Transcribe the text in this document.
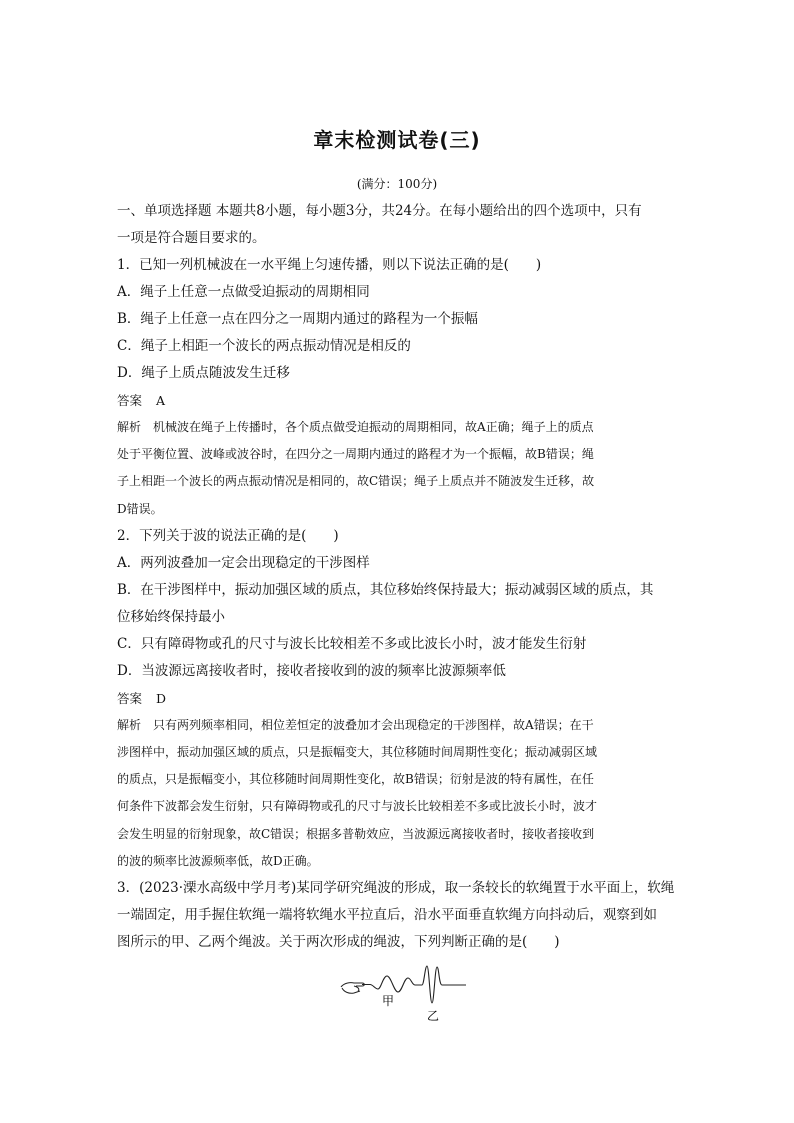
章末检测试卷(三)
(满分：100分)

一、单项选择题 本题共8小题，每小题3分，共24分。在每小题给出的四个选项中，只有

一项是符合题目要求的。

1．已知一列机械波在一水平绳上匀速传播，则以下说法正确的是(　　)

A．绳子上任意一点做受迫振动的周期相同

B．绳子上任意一点在四分之一周期内通过的路程为一个振幅

C．绳子上相距一个波长的两点振动情况是相反的

D．绳子上质点随波发生迁移

答案 A

解析 机械波在绳子上传播时，各个质点做受迫振动的周期相同，故A正确；绳子上的质点

处于平衡位置、波峰或波谷时，在四分之一周期内通过的路程才为一个振幅，故B错误；绳

子上相距一个波长的两点振动情况是相同的，故C错误；绳子上质点并不随波发生迁移，故

D错误。

2．下列关于波的说法正确的是(　　)

A．两列波叠加一定会出现稳定的干涉图样

B．在干涉图样中，振动加强区域的质点，其位移始终保持最大；振动减弱区域的质点，其

位移始终保持最小

C．只有障碍物或孔的尺寸与波长比较相差不多或比波长小时，波才能发生衍射

D．当波源远离接收者时，接收者接收到的波的频率比波源频率低

答案 D

解析 只有两列频率相同，相位差恒定的波叠加才会出现稳定的干涉图样，故A错误；在干

涉图样中，振动加强区域的质点，只是振幅变大，其位移随时间周期性变化；振动减弱区域

的质点，只是振幅变小，其位移随时间周期性变化，故B错误；衍射是波的特有属性，在任

何条件下波都会发生衍射，只有障碍物或孔的尺寸与波长比较相差不多或比波长小时，波才

会发生明显的衍射现象，故C错误；根据多普勒效应，当波源远离接收者时，接收者接收到

的波的频率比波源频率低，故D正确。

3．(2023·溧水高级中学月考)某同学研究绳波的形成，取一条较长的软绳置于水平面上，软绳

一端固定，用手握住软绳一端将软绳水平拉直后，沿水平面垂直软绳方向抖动后，观察到如

图所示的甲、乙两个绳波。关于两次形成的绳波，下列判断正确的是(　　)

甲
乙
